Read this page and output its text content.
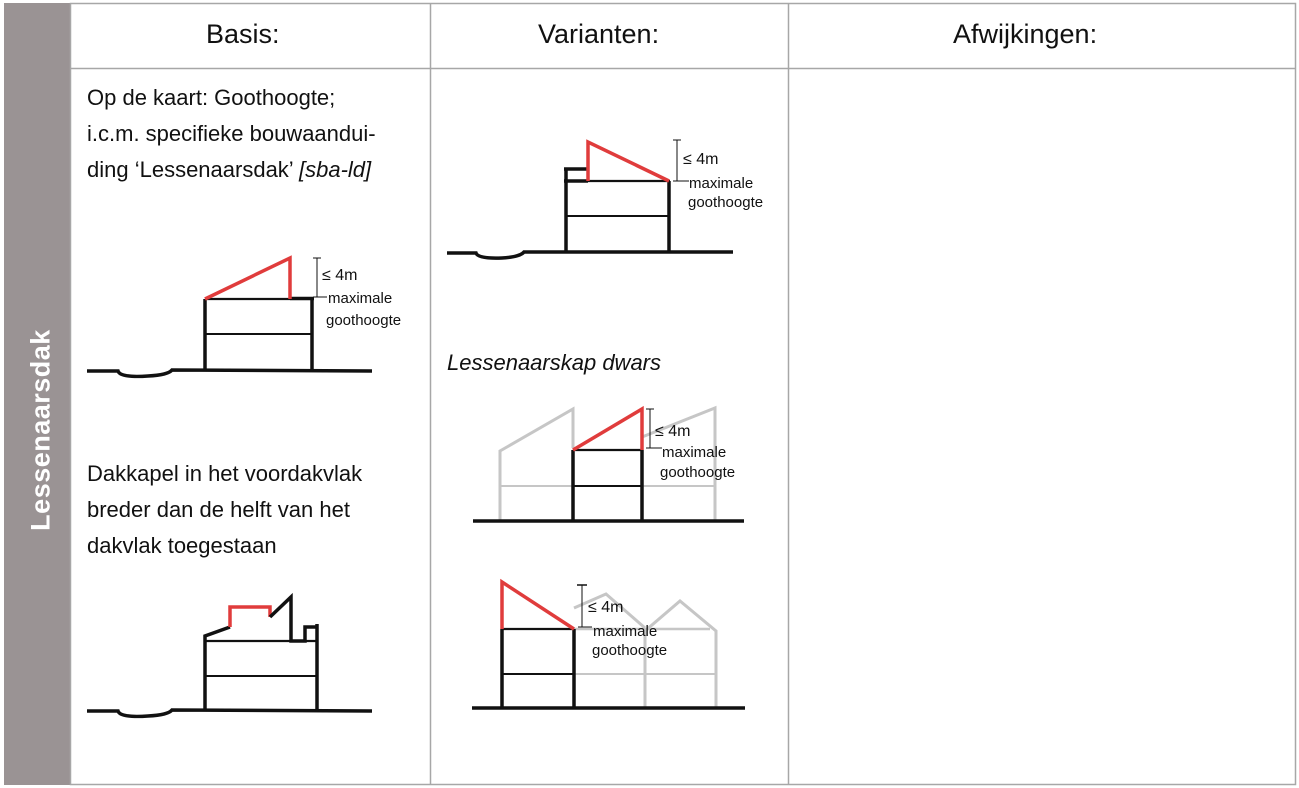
Lessenaarsdak
Basis:	Varianten:	Afwijkingen:
Op de kaart: Goothoogte;
i.c.m. specifieke bouwaandui-
ding ‘Lessenaarsdak’ [sba-ld]
Dakkapel in het voordakvlak
breder dan de helft van het
dakvlak toegestaan
Lessenaarskap dwars
≤ 4m
maximale
goothoogte
≤ 4m
maximale
goothoogte
≤ 4m
maximale
goothoogte
≤ 4m
maximale
goothoogte
